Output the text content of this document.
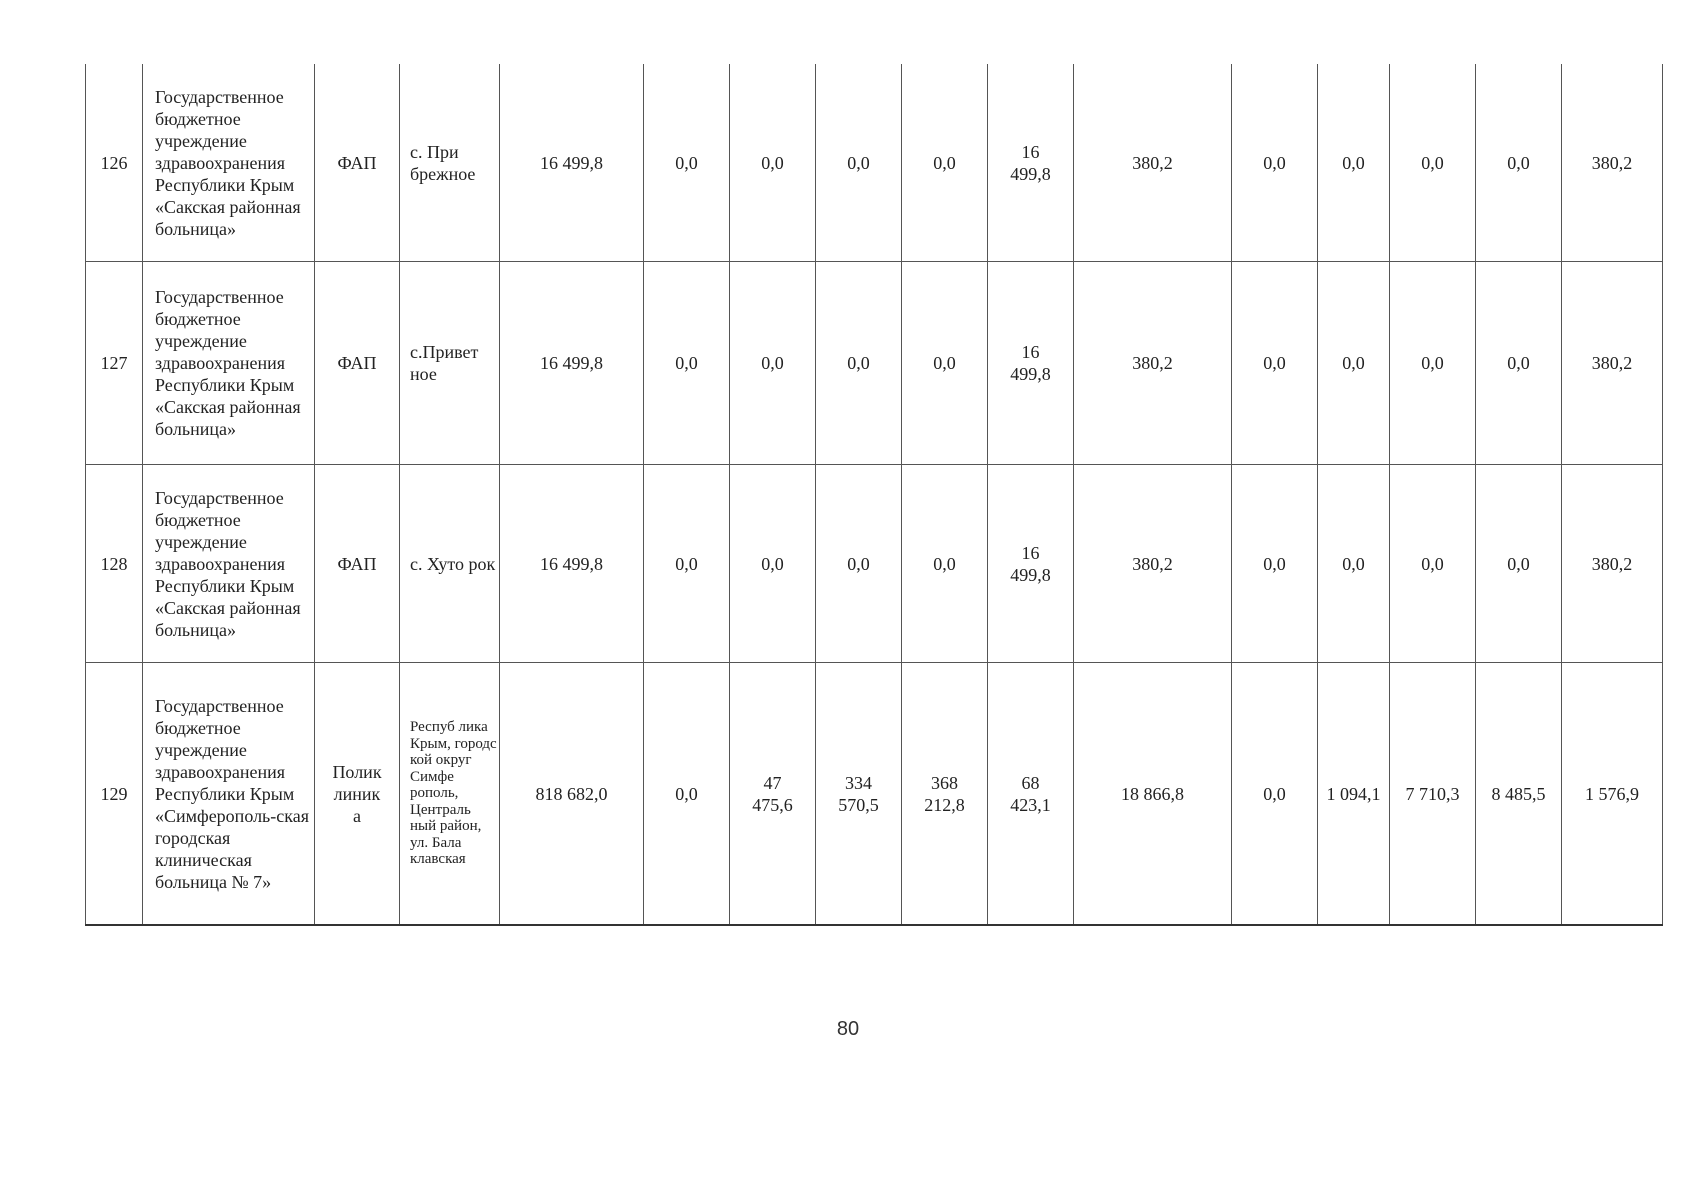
126	Государственное бюджетное учреждение здравоохранения Республики Крым «Сакская районная больница»	ФАП	с. При брежное	16 499,8	0,0	0,0	0,0	0,0	16 499,8	380,2	0,0	0,0	0,0	0,0	380,2
127	Государственное бюджетное учреждение здравоохранения Республики Крым «Сакская районная больница»	ФАП	с.Привет ное	16 499,8	0,0	0,0	0,0	0,0	16 499,8	380,2	0,0	0,0	0,0	0,0	380,2
128	Государственное бюджетное учреждение здравоохранения Республики Крым «Сакская районная больница»	ФАП	с. Хуто рок	16 499,8	0,0	0,0	0,0	0,0	16 499,8	380,2	0,0	0,0	0,0	0,0	380,2
129	Государственное бюджетное учреждение здравоохранения Республики Крым «Симферополь-ская городская клиническая больница № 7»	Полик линика	Респуб лика Крым, городс кой округ Симфе рополь, Централь ный район, ул. Бала клавская	818 682,0	0,0	47 475,6	334 570,5	368 212,8	68 423,1	18 866,8	0,0	1 094,1	7 710,3	8 485,5	1 576,9
80
